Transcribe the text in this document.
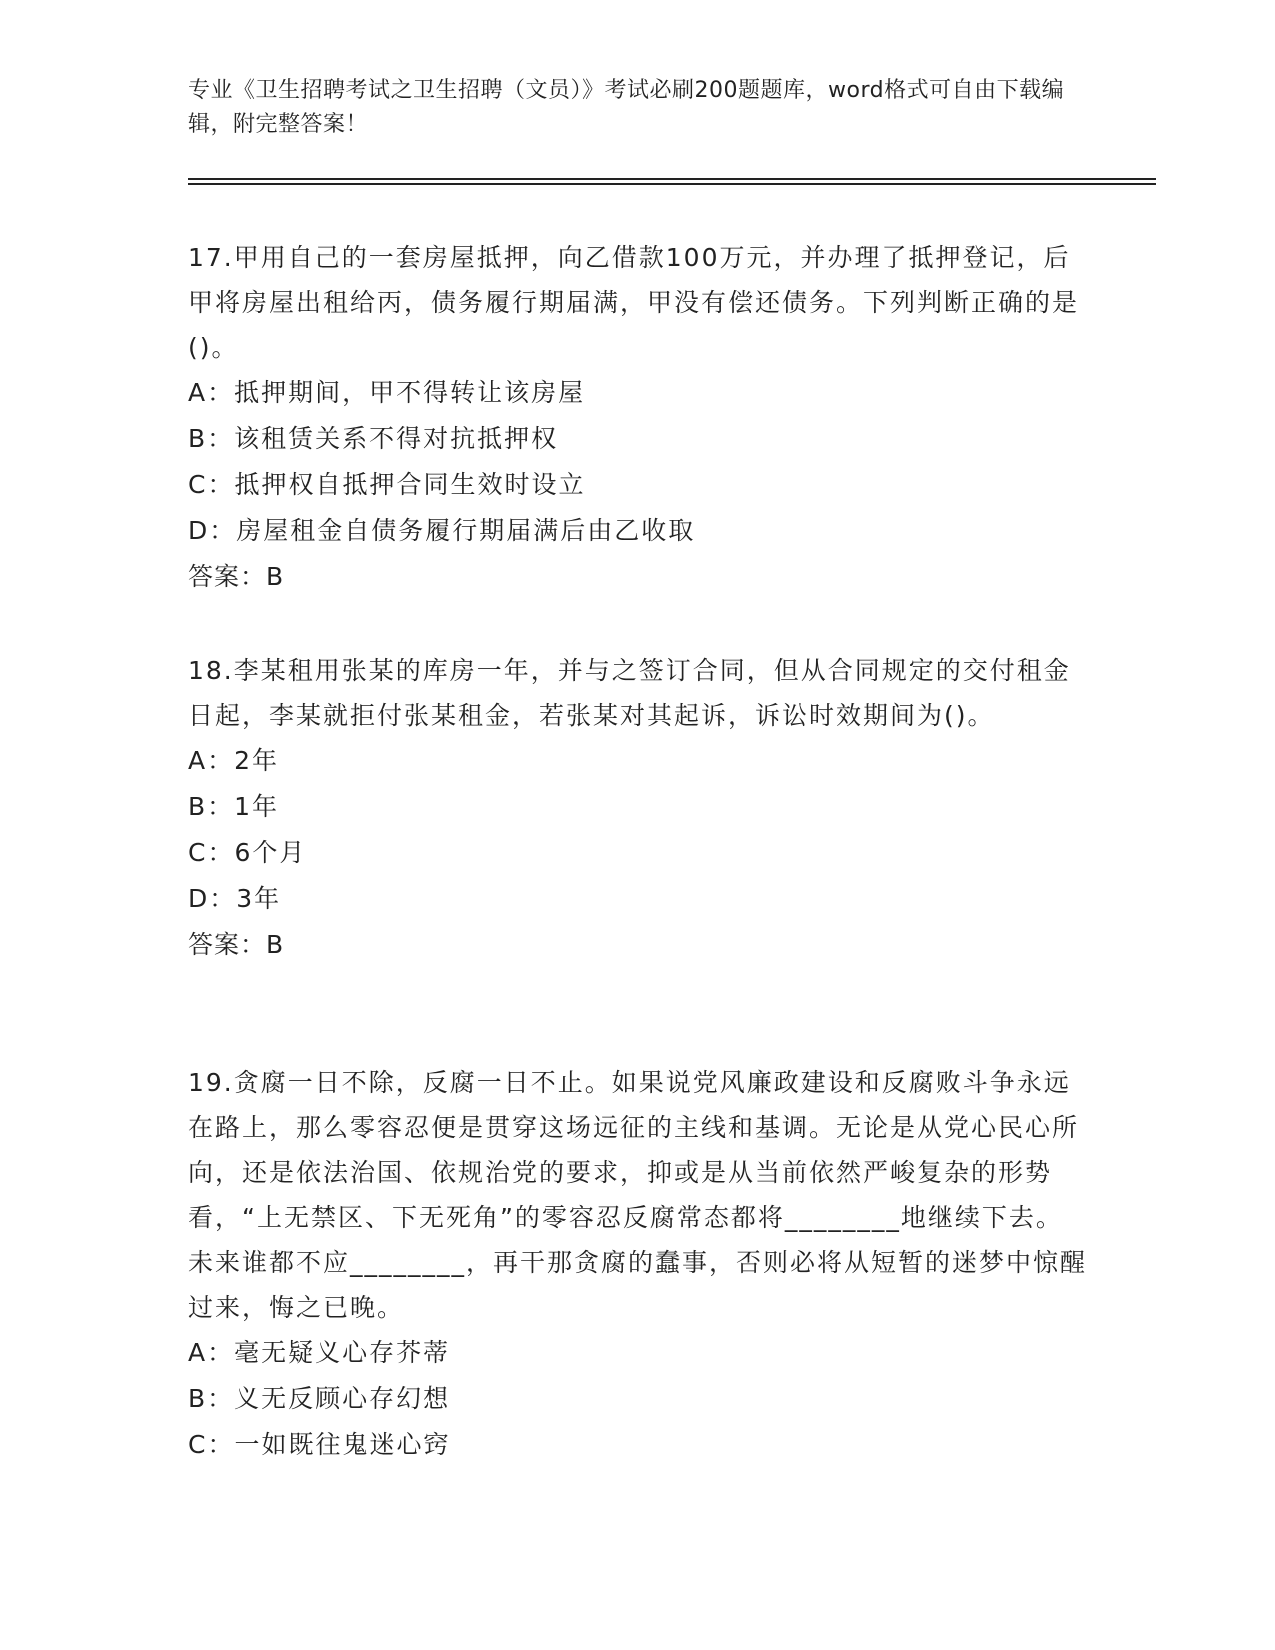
专业《卫生招聘考试之卫生招聘（文员）》考试必刷200题题库，word格式可自由下载编辑，附完整答案！
17.甲用自己的一套房屋抵押，向乙借款100万元，并办理了抵押登记，后甲将房屋出租给丙，债务履行期届满，甲没有偿还债务。下列判断正确的是()。
A：抵押期间，甲不得转让该房屋
B：该租赁关系不得对抗抵押权
C：抵押权自抵押合同生效时设立
D：房屋租金自债务履行期届满后由乙收取
答案：B
18.李某租用张某的库房一年，并与之签订合同，但从合同规定的交付租金日起，李某就拒付张某租金，若张某对其起诉，诉讼时效期间为()。
A：2年
B：1年
C：6个月
D：3年
答案：B
19.贪腐一日不除，反腐一日不止。如果说党风廉政建设和反腐败斗争永远在路上，那么零容忍便是贯穿这场远征的主线和基调。无论是从党心民心所向，还是依法治国、依规治党的要求，抑或是从当前依然严峻复杂的形势看，“上无禁区、下无死角”的零容忍反腐常态都将________地继续下去。未来谁都不应________，再干那贪腐的蠢事，否则必将从短暂的迷梦中惊醒过来，悔之已晚。
A：毫无疑义心存芥蒂
B：义无反顾心存幻想
C：一如既往鬼迷心窍
